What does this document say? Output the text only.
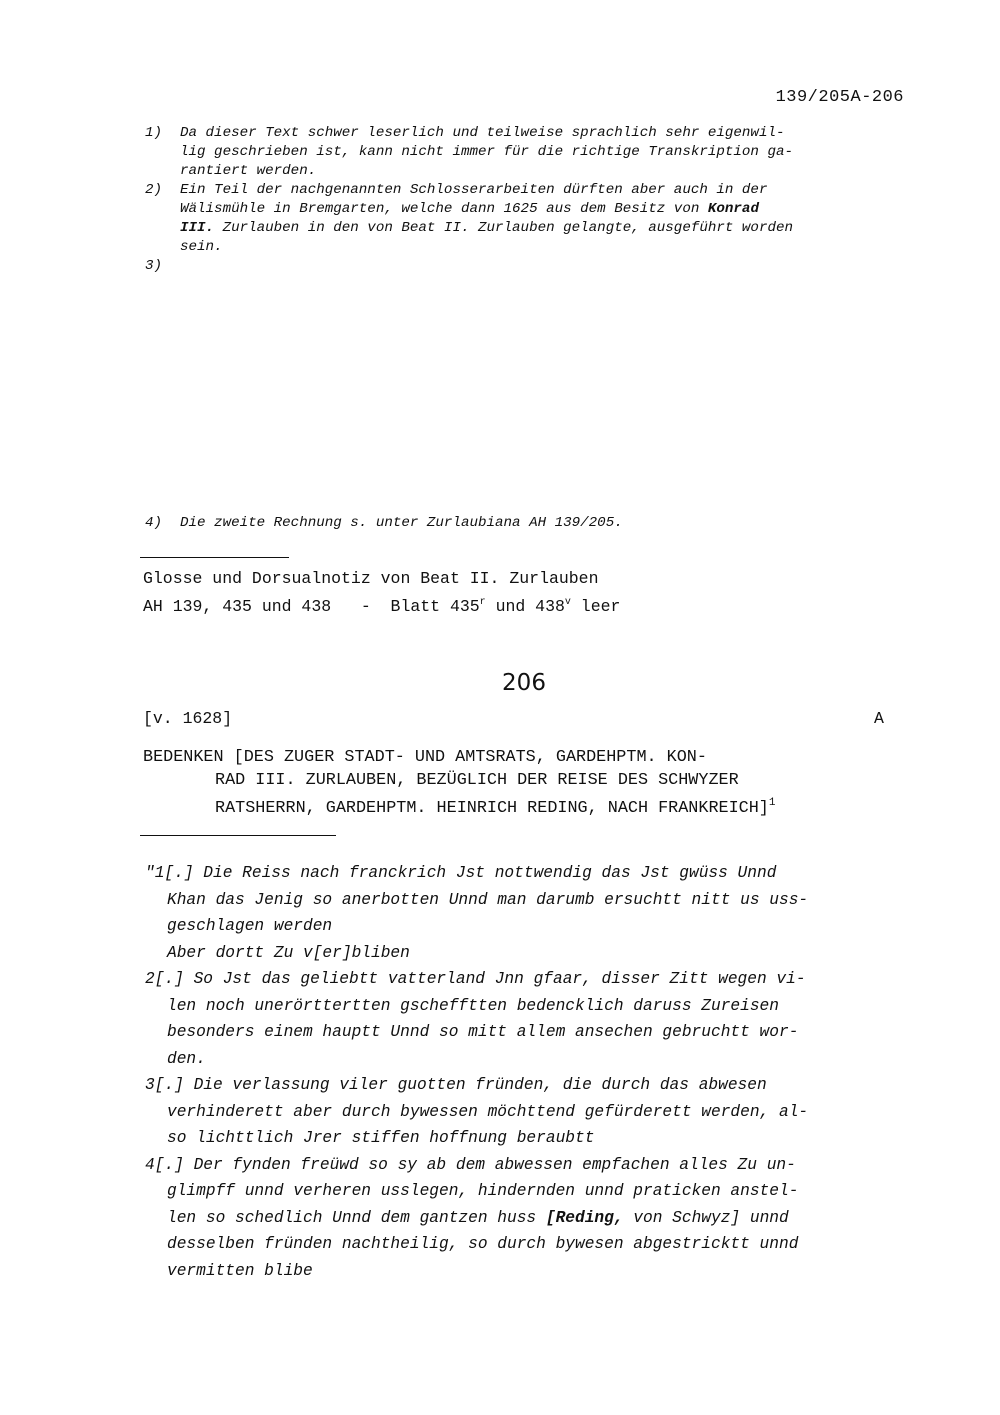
139/205A-206
1) Da dieser Text schwer leserlich und teilweise sprachlich sehr eigenwil-
lig geschrieben ist, kann nicht immer für die richtige Transkription ga-
rantiert werden.
2) Ein Teil der nachgenannten Schlosserarbeiten dürften aber auch in der
Wälismühle in Bremgarten, welche dann 1625 aus dem Besitz von Konrad
III. Zurlauben in den von Beat II. Zurlauben gelangte, ausgeführt worden
sein.
3)

4) Die zweite Rechnung s. unter Zurlaubiana AH 139/205.
Glosse und Dorsualnotiz von Beat II. Zurlauben
AH 139, 435 und 438   -  Blatt 435$^r$ und 438$^v$ leer
206
[v. 1628]	A
BEDENKEN [DES ZUGER STADT- UND AMTSRATS, GARDEHPTM. KON-
RAD III. ZURLAUBEN, BEZÜGLICH DER REISE DES SCHWYZER
RATSHERRN, GARDEHPTM. HEINRICH REDING, NACH FRANKREICH]$^1$
"1[.] Die Reiss nach franckrich Jst nottwendig das Jst gwüss Unnd
Khan das Jenig so anerbotten Unnd man darumb ersuchtt nitt us uss-
geschlagen werden
Aber dortt Zu v[er]bliben
2[.] So Jst das geliebtt vatterland Jnn gfaar, disser Zitt wegen vi-
len noch unerörttertten gschefftten bedencklich daruss Zureisen
besonders einem hauptt Unnd so mitt allem ansechen gebruchtt wor-
den.
3[.] Die verlassung viler guotten fründen, die durch das abwesen
verhinderett aber durch bywessen möchttend gefürderett werden, al-
so lichttlich Jrer stiffen hoffnung beraubtt
4[.] Der fynden freüwd so sy ab dem abwessen empfachen alles Zu un-
glimpff unnd verheren usslegen, hindernden unnd praticken anstel-
len so schedlich Unnd dem gantzen huss [Reding, von Schwyz] unnd
desselben fründen nachtheilig, so durch bywesen abgestricktt unnd
vermitten blibe
